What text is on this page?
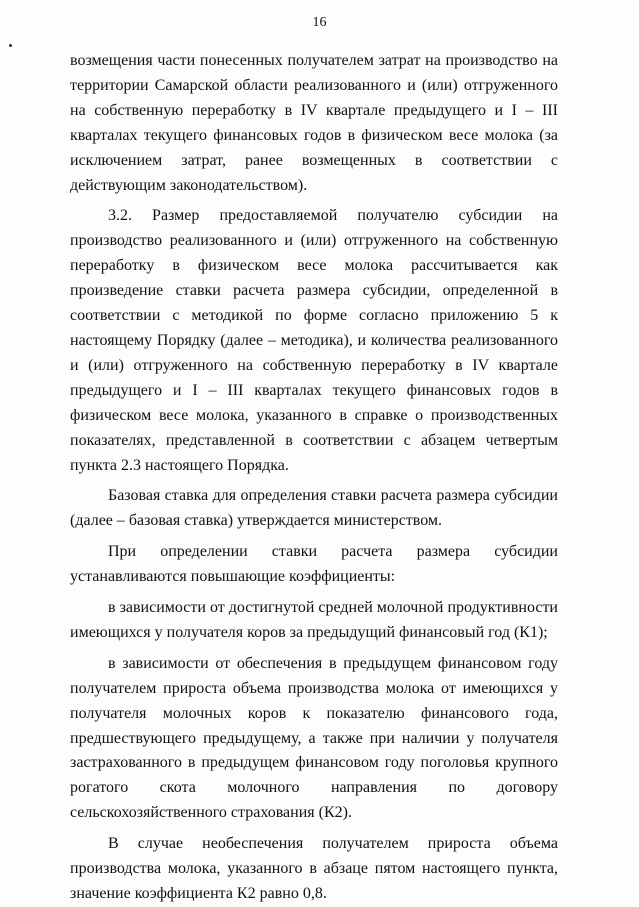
16

возмещения части понесенных получателем затрат на производство на территории Самарской области реализованного и (или) отгруженного на собственную переработку в IV квартале предыдущего и I – III кварталах текущего финансовых годов в физическом весе молока (за исключением затрат, ранее возмещенных в соответствии с действующим законодательством).

3.2. Размер предоставляемой получателю субсидии на производство реализованного и (или) отгруженного на собственную переработку в физическом весе молока рассчитывается как произведение ставки расчета размера субсидии, определенной в соответствии с методикой по форме согласно приложению 5 к настоящему Порядку (далее – методика), и количества реализованного и (или) отгруженного на собственную переработку в IV квартале предыдущего и I – III кварталах текущего финансовых годов в физическом весе молока, указанного в справке о производственных показателях, представленной в соответствии с абзацем четвертым пункта 2.3 настоящего Порядка.

Базовая ставка для определения ставки расчета размера субсидии (далее – базовая ставка) утверждается министерством.

При определении ставки расчета размера субсидии устанавливаются повышающие коэффициенты:

в зависимости от достигнутой средней молочной продуктивности имеющихся у получателя коров за предыдущий финансовый год (К1);

в зависимости от обеспечения в предыдущем финансовом году получателем прироста объема производства молока от имеющихся у получателя молочных коров к показателю финансового года, предшествующего предыдущему, а также при наличии у получателя застрахованного в предыдущем финансовом году поголовья крупного рогатого скота молочного направления по договору сельскохозяйственного страхования (К2).

В случае необеспечения получателем прироста объема производства молока, указанного в абзаце пятом настоящего пункта, значение коэффициента К2 равно 0,8.
